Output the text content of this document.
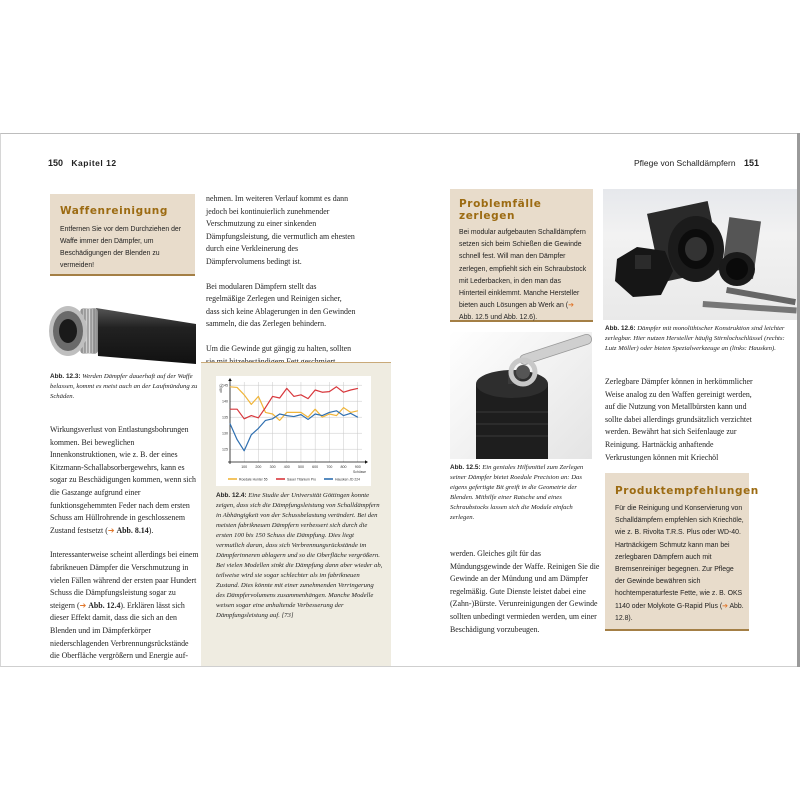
150 Kapitel 12
Waffenreinigung
Entfernen Sie vor dem Durchziehen der Waffe immer den Dämpfer, um Beschädigungen der Blenden zu vermeiden!
Abb. 12.3: Werden Dämpfer dauerhaft auf der Waffe belassen, kommt es meist auch an der Laufmündung zu Schäden.

Wirkungsverlust von Entlastungsbohrungen kommen. Bei beweglichen Innenkonstruktionen, wie z. B. der eines Kitzmann-Schallabsorbergewehrs, kann es sogar zu Beschädigungen kommen, wenn sich die Gaszange aufgrund einer funktionsgehemmten Feder nach dem ersten Schuss am Hüllrohrende in geschlossenem Zustand festsetzt (➔ Abb. 8.14).

Interessanterweise scheint allerdings bei einem fabrikneuen Dämpfer die Verschmutzung in vielen Fällen während der ersten paar Hundert Schuss die Dämpfungsleistung sogar zu steigern (➔ Abb. 12.4). Erklären lässt sich dieser Effekt damit, dass die sich an den Blenden und im Dämpferkörper niederschlagenden Verbrennungsrückstände die Oberfläche vergrößern und Energie auf-

nehmen. Im weiteren Verlauf kommt es dann jedoch bei kontinuierlich zunehmender Verschmutzung zu einer sinkenden Dämpfungsleistung, die vermutlich am ehesten durch eine Verkleinerung des Dämpfervolumens bedingt ist.

Bei modularen Dämpfern stellt das regelmäßige Zerlegen und Reinigen sicher, dass sich keine Ablagerungen in den Gewinden sammeln, die das Zerlegen behindern.

Um die Gewinde gut gängig zu halten, sollten

125
130
135
140
145
100 200 300 400 500 600 700 800 900
dB(C)
Schüsse
Roedale Hunter 55	Sauer Titanium Pro	Hausken JD 224
Abb. 12.4: Eine Studie der Universität Göttingen konnte zeigen, dass sich die Dämpfungsleistung von Schalldämpfern in Abhängigkeit von der Schussbelastung verändert. Bei den meisten fabrikneuen Dämpfern verbessert sich durch die ersten 100 bis 150 Schuss die Dämpfung. Dies liegt vermutlich daran, dass sich Verbrennungsrückstände im Dämpferinneren ablagern und so die Oberfläche vergrößern. Bei vielen Modellen sinkt die Dämpfung dann aber wieder ab, teilweise wird sie sogar schlechter als im fabrikneuen Zustand. Dies könnte mit einer zunehmenden Verringerung des Dämpfervolumens zusammenhängen. Manche Modelle weisen sogar eine anhaltende Verbesserung der Dämpfungsleistung auf. [73]
Pflege von Schalldämpfern 151
Problemfälle zerlegen
Bei modular aufgebauten Schalldämpfern setzen sich beim Schießen die Gewinde schnell fest. Will man den Dämpfer zerlegen, empfiehlt sich ein Schraubstock mit Lederbacken, in den man das Hinterteil einklemmt. Manche Hersteller bieten auch Lösungen ab Werk an (➔ Abb. 12.5 und Abb. 12.6).
Abb. 12.5: Ein geniales Hilfsmittel zum Zerlegen seiner Dämpfer bietet Roedale Precision an: Das eigens gefertigte Bit greift in die Geometrie der Blenden. Mithilfe einer Ratsche und eines Schraubstocks lassen sich die Module einfach zerlegen.

werden. Gleiches gilt für das Mündungsgewinde der Waffe. Reinigen Sie die Gewinde an der Mündung und am Dämpfer regelmäßig. Gute Dienste leistet dabei eine (Zahn-)Bürste. Verunreinigungen der Gewinde sollten unbedingt vermieden werden, um einer Beschädigung vorzubeugen.

Abb. 12.6: Dämpfer mit monolithischer Konstruktion sind leichter zerlegbar. Hier nutzen Hersteller häufig Stirnlochschlüssel (rechts: Lutz Möller) oder bieten Spezialwerkzeuge an (links: Hausken).

Zerlegbare Dämpfer können in herkömmlicher Weise analog zu den Waffen gereinigt werden, auf die Nutzung von Metallbürsten kann und sollte dabei allerdings grundsätzlich verzichtet werden. Bewährt hat sich Seifenlauge zur Reinigung. Hartnäckig anhaftende Verkrustungen können mit Kriechöl

Produktempfehlungen
Für die Reinigung und Konservierung von Schalldämpfern empfehlen sich Kriechöle, wie z. B. Rivolta T.R.S. Plus oder WD-40. Hartnäckigem Schmutz kann man bei zerlegbaren Dämpfern auch mit Bremsenreiniger begegnen. Zur Pflege der Gewinde bewähren sich hochtemperaturfeste Fette, wie z. B. OKS 1140 oder Molykote G-Rapid Plus (➔ Abb. 12.8).
